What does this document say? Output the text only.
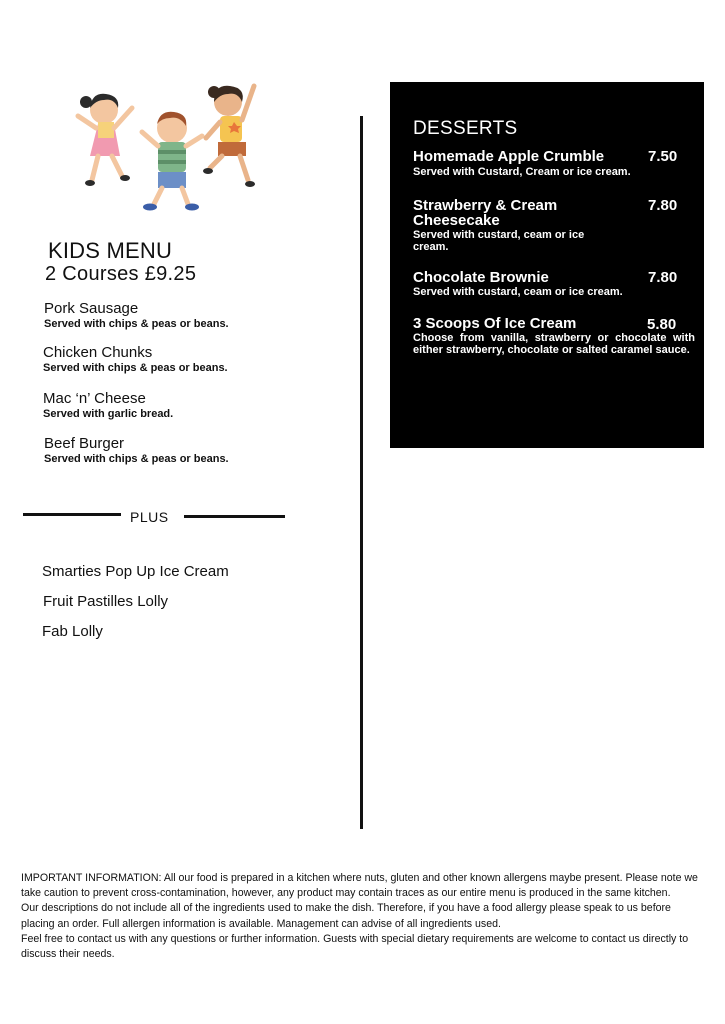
KIDS MENU
2 Courses £9.25
Pork Sausage
Served with chips & peas or beans.
Chicken Chunks
Served with chips & peas or beans.
Mac ‘n’ Cheese
Served with garlic bread.
Beef Burger
Served with chips & peas or beans.
PLUS
Smarties Pop Up Ice Cream
Fruit Pastilles Lolly
Fab Lolly
DESSERTS
Homemade Apple Crumble
Served with Custard, Cream or ice cream.
7.50
Strawberry & Cream Cheesecake
Served with custard, ceam or ice cream.
7.80
Chocolate Brownie
Served with custard, ceam or ice cream.
7.80
3 Scoops Of Ice Cream
Choose from vanilla, strawberry or chocolate with either strawberry, chocolate or salted caramel sauce.
5.80

IMPORTANT INFORMATION: All our food is prepared in a kitchen where nuts, gluten and other known allergens maybe present. Please note we take caution to prevent cross-contamination, however, any product may contain traces as our entire menu is produced in the same kitchen.

Our descriptions do not include all of the ingredients used to make the dish. Therefore, if you have a food allergy please speak to us before placing an order. Full allergen information is available. Management can advise of all ingredients used.

Feel free to contact us with any questions or further information. Guests with special dietary requirements are welcome to contact us directly to discuss their needs.
